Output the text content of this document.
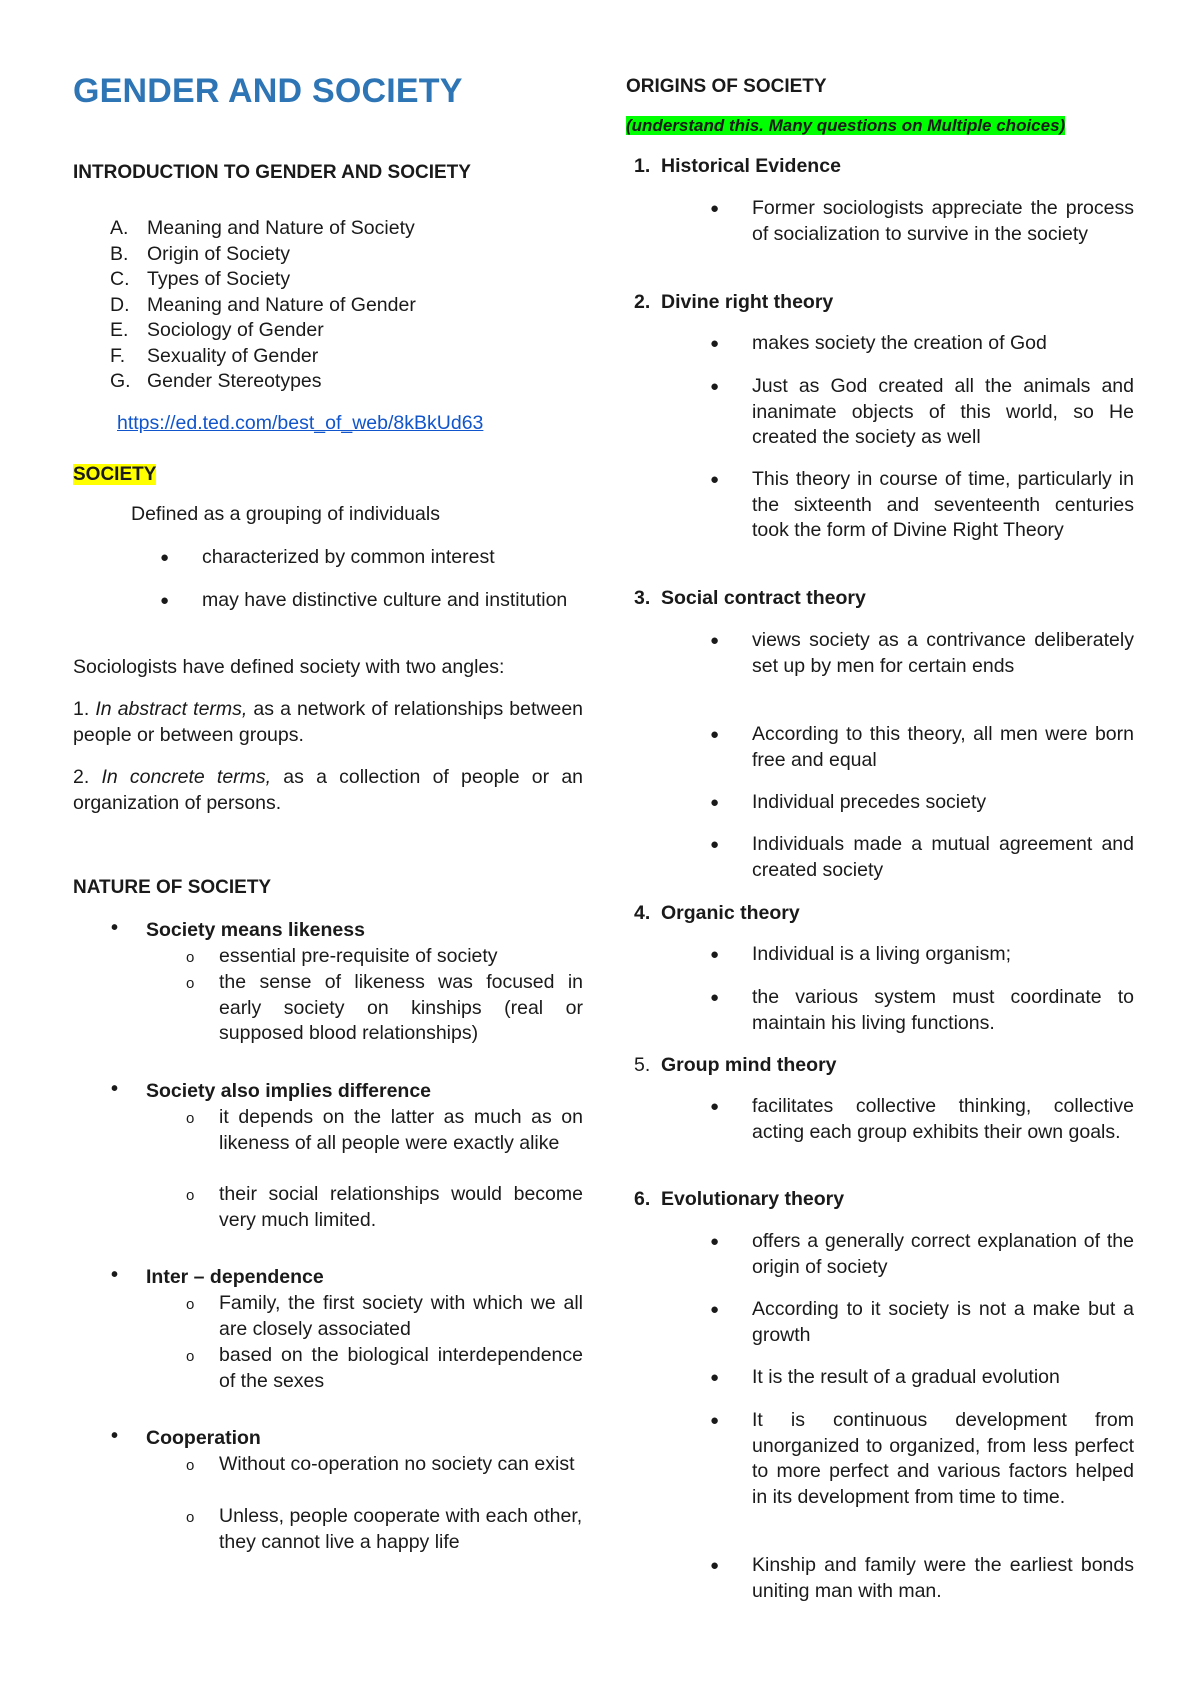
GENDER AND SOCIETY

INTRODUCTION TO GENDER AND SOCIETY

A. Meaning and Nature of Society
B. Origin of Society
C. Types of Society
D. Meaning and Nature of Gender
E. Sociology of Gender
F. Sexuality of Gender
G. Gender Stereotypes
https://ed.ted.com/best_of_web/8kBkUd63

SOCIETY

Defined as a grouping of individuals

● characterized by common interest
● may have distinctive culture and institution

Sociologists have defined society with two angles:

1. In abstract terms, as a network of relationships between people or between groups.

2. In concrete terms, as a collection of people or an organization of persons.

NATURE OF SOCIETY

• Society means likeness
o essential pre-requisite of society
o the sense of likeness was focused in early society on kinships (real or supposed blood relationships)
• Society also implies difference
o it depends on the latter as much as on likeness of all people were exactly alike
o their social relationships would become very much limited.
• Inter – dependence
o Family, the first society with which we all are closely associated
o based on the biological interdependence of the sexes
• Cooperation
o Without co-operation no society can exist
o Unless, people cooperate with each other, they cannot live a happy life

ORIGINS OF SOCIETY

(understand this. Many questions on Multiple choices)

1. Historical Evidence
● Former sociologists appreciate the process of socialization to survive in the society
2. Divine right theory
● makes society the creation of God
● Just as God created all the animals and inanimate objects of this world, so He created the society as well
● This theory in course of time, particularly in the sixteenth and seventeenth centuries took the form of Divine Right Theory
3. Social contract theory
● views society as a contrivance deliberately set up by men for certain ends
● According to this theory, all men were born free and equal
● Individual precedes society
● Individuals made a mutual agreement and created society
4. Organic theory
● Individual is a living organism;
● the various system must coordinate to maintain his living functions.
5. Group mind theory
● facilitates collective thinking, collective acting each group exhibits their own goals.
6. Evolutionary theory
● offers a generally correct explanation of the origin of society
● According to it society is not a make but a growth
● It is the result of a gradual evolution
● It is continuous development from unorganized to organized, from less perfect to more perfect and various factors helped in its development from time to time.
● Kinship and family were the earliest bonds uniting man with man.
